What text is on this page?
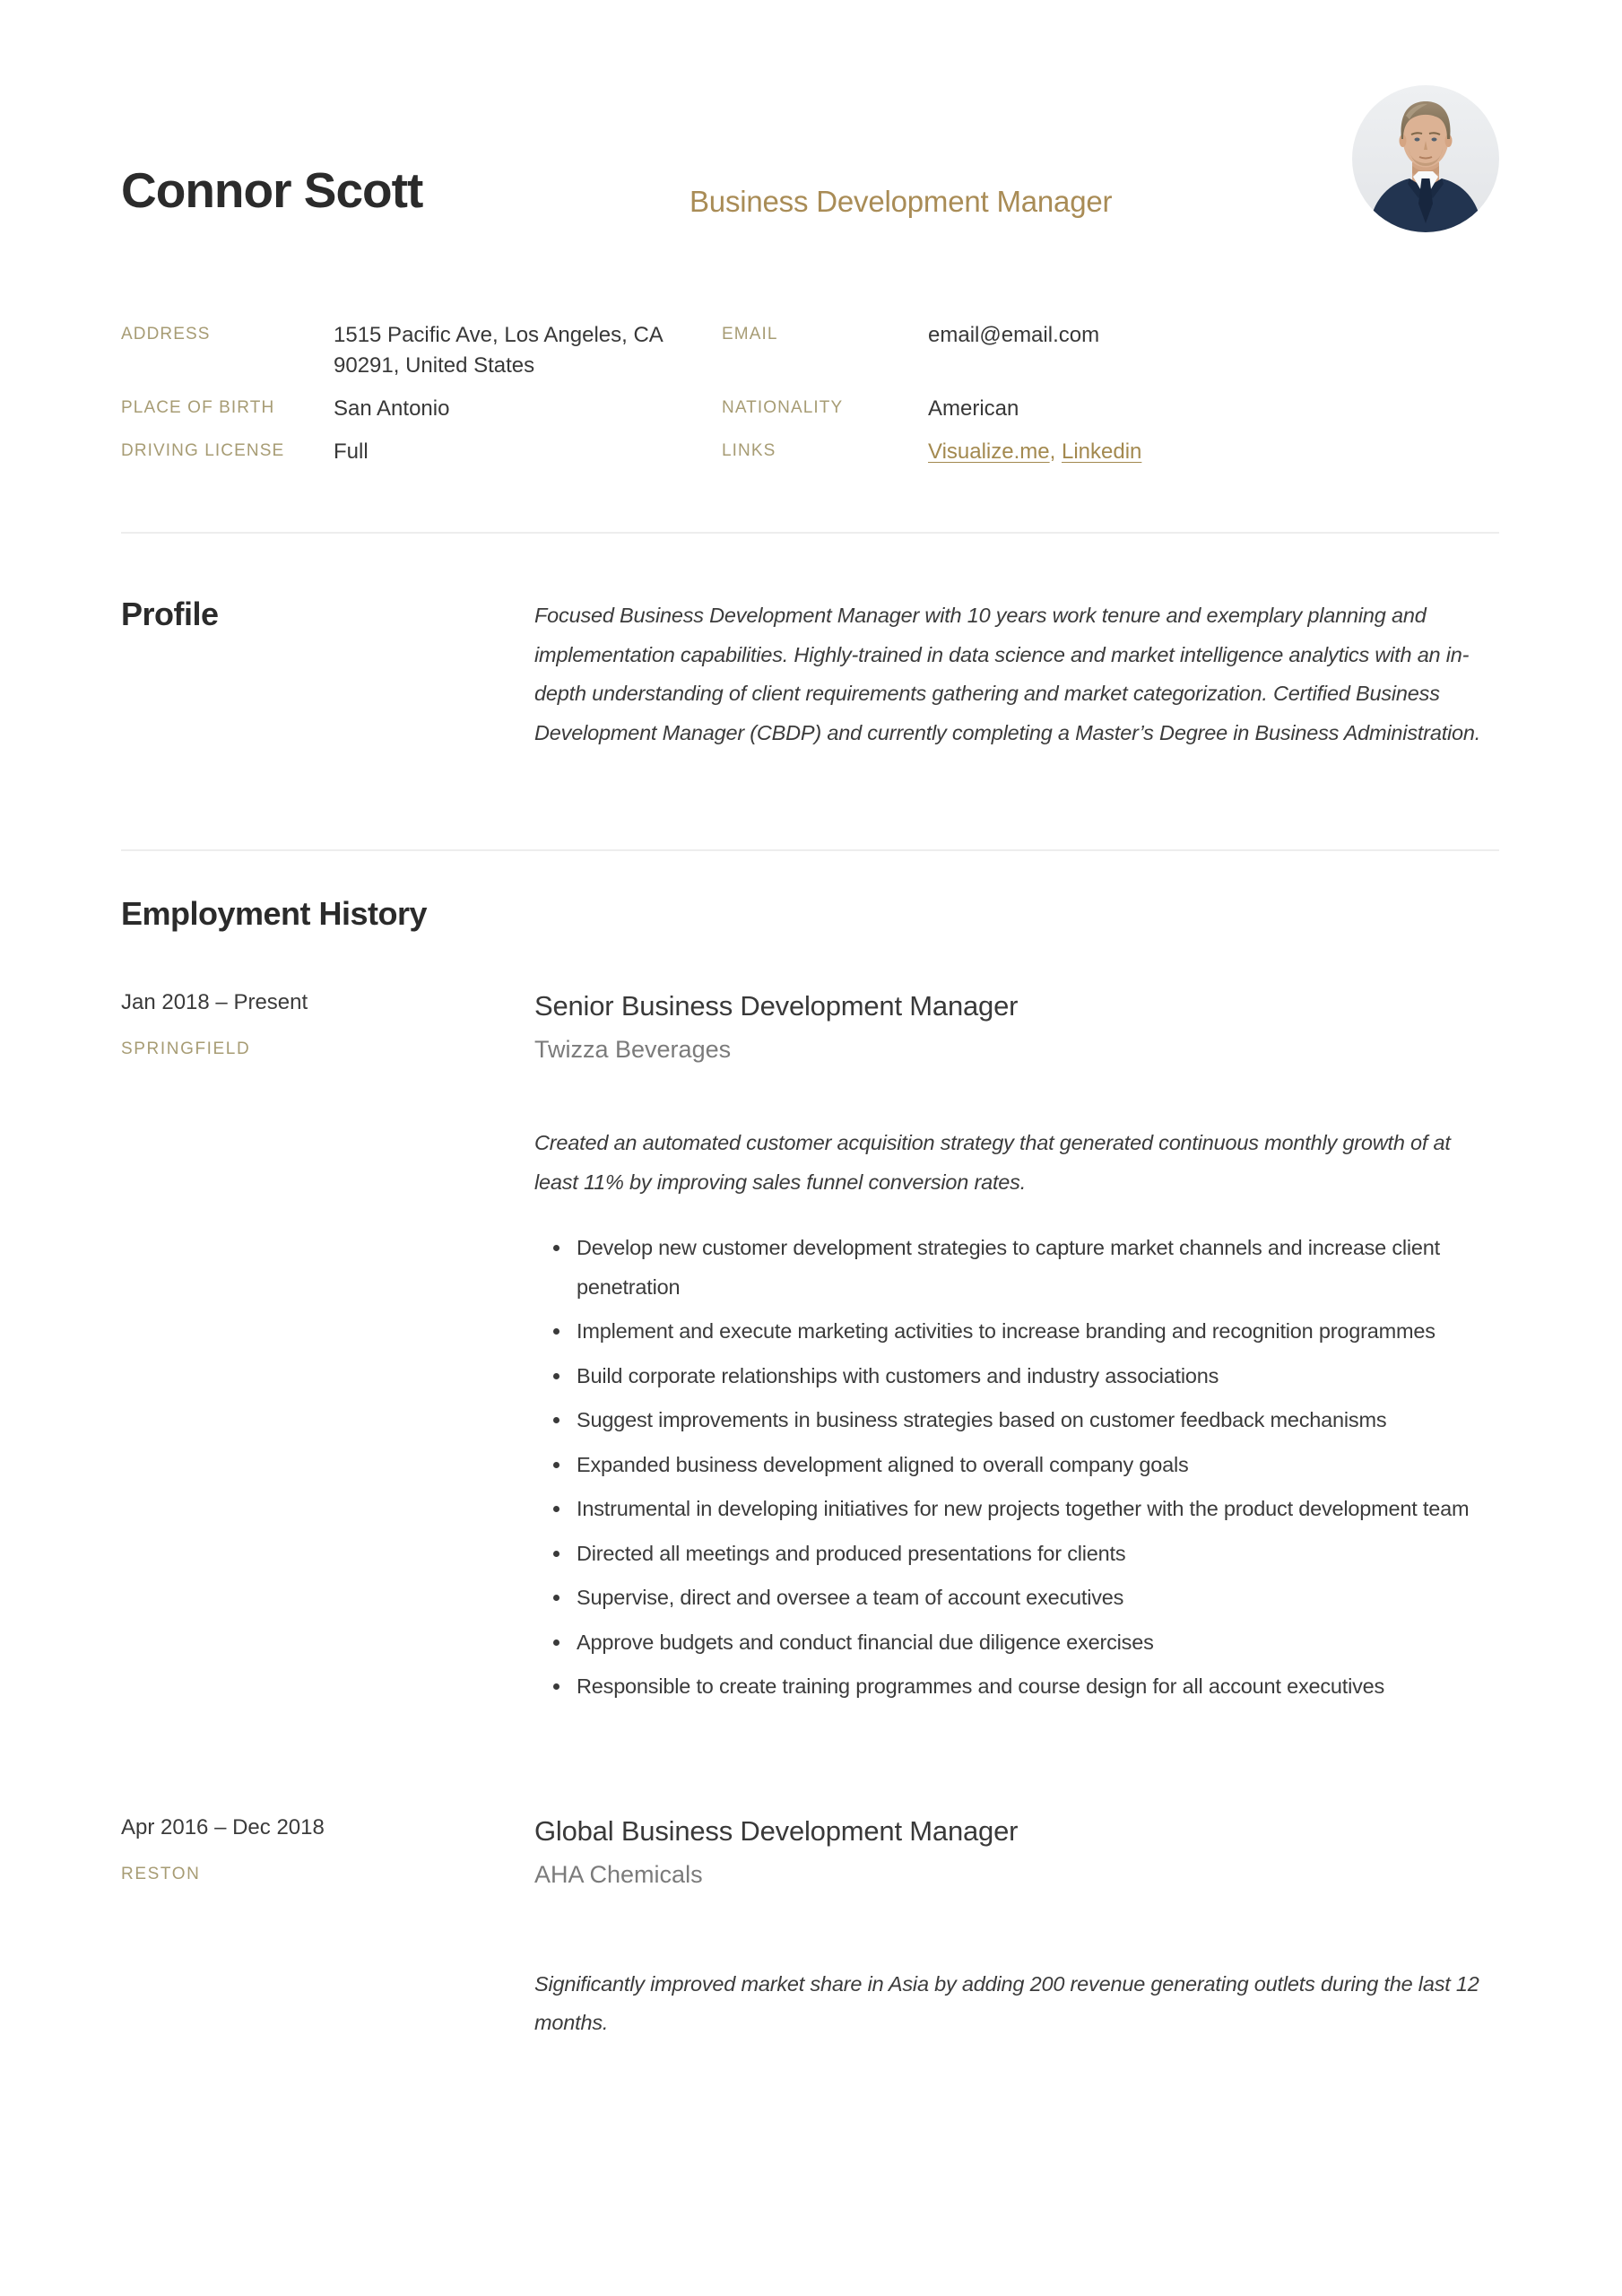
Connor Scott	Business Development Manager
ADDRESS	1515 Pacific Ave, Los Angeles, CA 90291, United States
EMAIL	email@email.com
PLACE OF BIRTH	San Antonio	NATIONALITY	American
DRIVING LICENSE	Full	LINKS	Visualize.me, Linkedin
Profile	Focused Business Development Manager with 10 years work tenure and exemplary planning and implementation capabilities. Highly-trained in data science and market intelligence analytics with an in-depth understanding of client requirements gathering and market categorization. Certified Business Development Manager (CBDP) and currently completing a Master’s Degree in Business Administration.

Employment History
Jan 2018 – Present
SPRINGFIELD
Senior Business Development Manager
Twizza Beverages

Created an automated customer acquisition strategy that generated continuous monthly growth of at least 11% by improving sales funnel conversion rates.

Develop new customer development strategies to capture market channels and increase client penetration
Implement and execute marketing activities to increase branding and recognition programmes
Build corporate relationships with customers and industry associations
Suggest improvements in business strategies based on customer feedback mechanisms
Expanded business development aligned to overall company goals
Instrumental in developing initiatives for new projects together with the product development team
Directed all meetings and produced presentations for clients
Supervise, direct and oversee a team of account executives
Approve budgets and conduct financial due diligence exercises
Responsible to create training programmes and course design for all account executives
Apr 2016 – Dec 2018
RESTON
Global Business Development Manager
AHA Chemicals

Significantly improved market share in Asia by adding 200 revenue generating outlets during the last 12 months.
